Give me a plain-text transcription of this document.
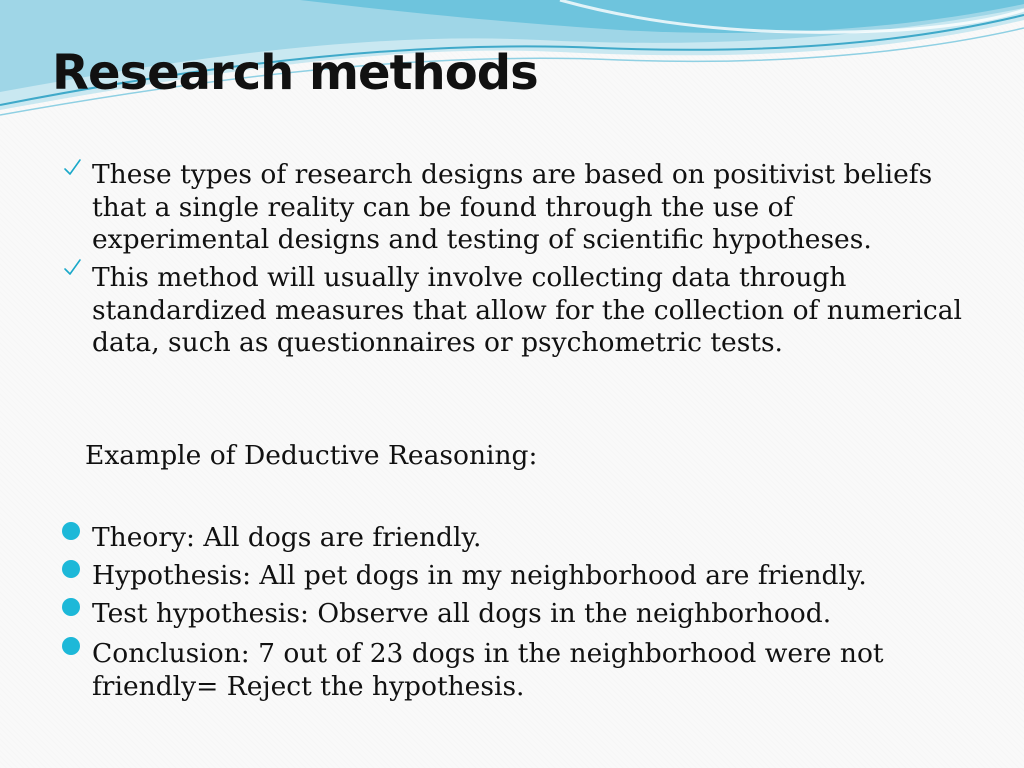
Research methods

These types of research designs are based on positivist beliefs that a single reality can be found through the use of experimental designs and testing of scientific hypotheses.

This method will usually involve collecting data through standardized measures that allow for the collection of numerical data, such as questionnaires or psychometric tests.

Example of Deductive Reasoning:

Theory: All dogs are friendly.

Hypothesis: All pet dogs in my neighborhood are friendly.

Test hypothesis: Observe all dogs in the neighborhood.

Conclusion: 7 out of 23 dogs in the neighborhood were not friendly= Reject the hypothesis.
